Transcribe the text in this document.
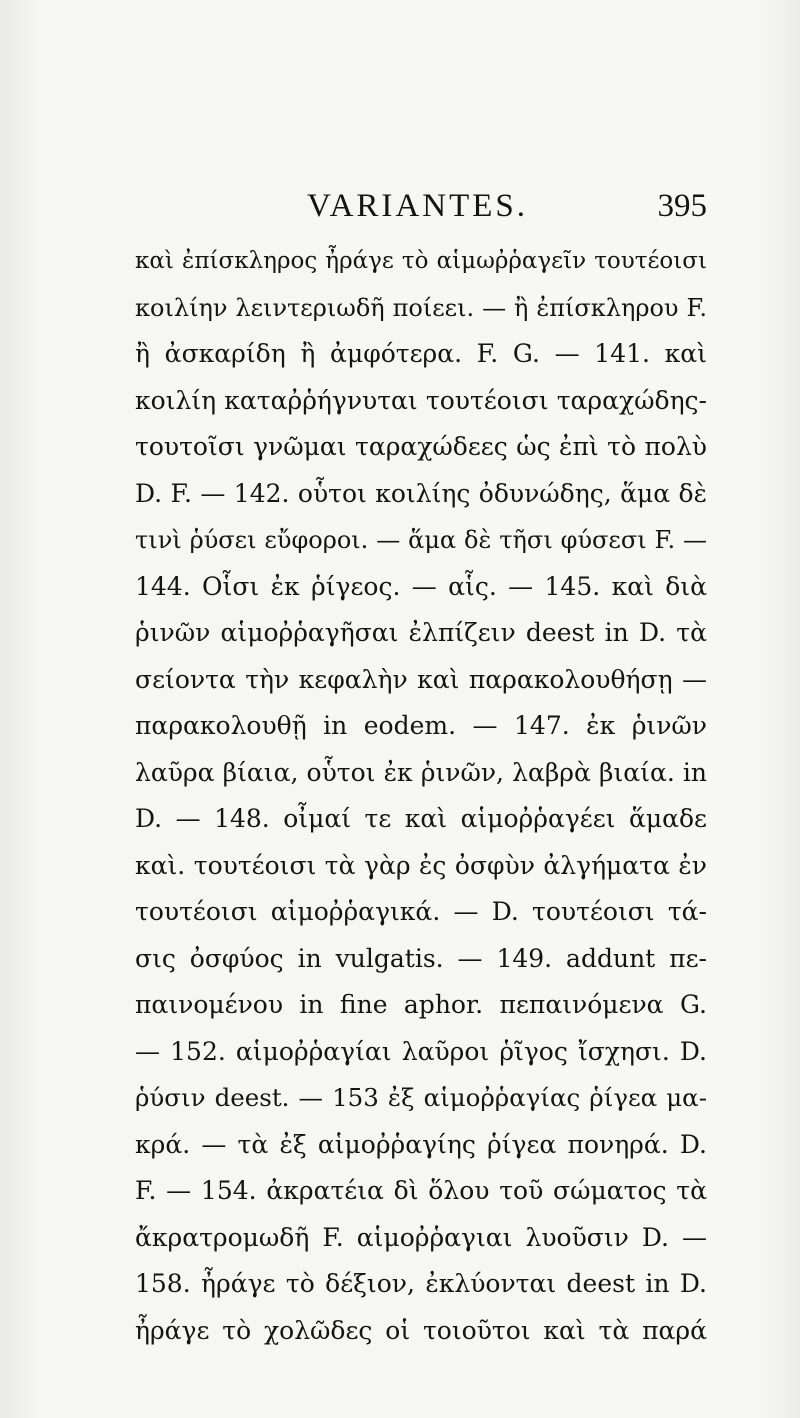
VARIANTES.	395
καὶ ἐπίσκληρος ἦράγε τὸ αἱμωῤῥαγεῖν τουτέοισι
κοιλίην λειντεριωδῆ ποίεει. — ἢ ἐπίσκληρου F.
ἢ ἀσκαρίδη ἢ ἀμφότερα. F. G. — 141. καὶ
κοιλίη καταῤῥήγνυται τουτέοισι ταραχώδης-
τουτοῖσι γνῶμαι ταραχώδεες ὡς ἐπὶ τὸ πολὺ
D. F. — 142. οὗτοι κοιλίης ὀδυνώδης, ἅμα δὲ
τινὶ ῥύσει εὔφοροι. — ἅμα δὲ τῆσι φύσεσι F. —
144. Οἷσι ἐκ ῥίγεος. — αἷς. — 145. καὶ διὰ
ῥινῶν αἱμοῤῥαγῆσαι ἐλπίζειν deest in D. τὰ
σείοντα τὴν κεφαλὴν καὶ παρακολουθήσῃ —
παρακολουθῇ in eodem. — 147. ἐκ ῥινῶν
λαῦρα βίαια, οὗτοι ἐκ ῥινῶν, λαβρὰ βιαία. in
D. — 148. οἶμαί τε καὶ αἱμοῤῥαγέει ἅμαδε
καὶ. τουτέοισι τὰ γὰρ ἐς ὀσφὺν ἀλγήματα ἐν
τουτέοισι αἱμοῤῥαγικά. — D. τουτέοισι τά-
σις ὀσφύος in vulgatis. — 149. addunt πε-
παινομένου in fine aphor. πεπαινόμενα G.
— 152. αἱμοῤῥαγίαι λαῦροι ῥῖγος ἴσχησι. D.
ῥύσιν deest. — 153 ἐξ αἱμοῤῥαγίας ῥίγεα μα-
κρά. — τὰ ἐξ αἱμοῤῥαγίης ῥίγεα πονηρά. D.
F. — 154. ἀκρατέια δὶ ὅλου τοῦ σώματος τὰ
ἄκρατρομωδῆ F. αἱμοῤῥαγιαι λυοῦσιν D. —
158. ἦράγε τὸ δέξιον, ἐκλύονται deest in D.
ἦράγε τὸ χολῶδες οἱ τοιοῦτοι καὶ τὰ παρά
